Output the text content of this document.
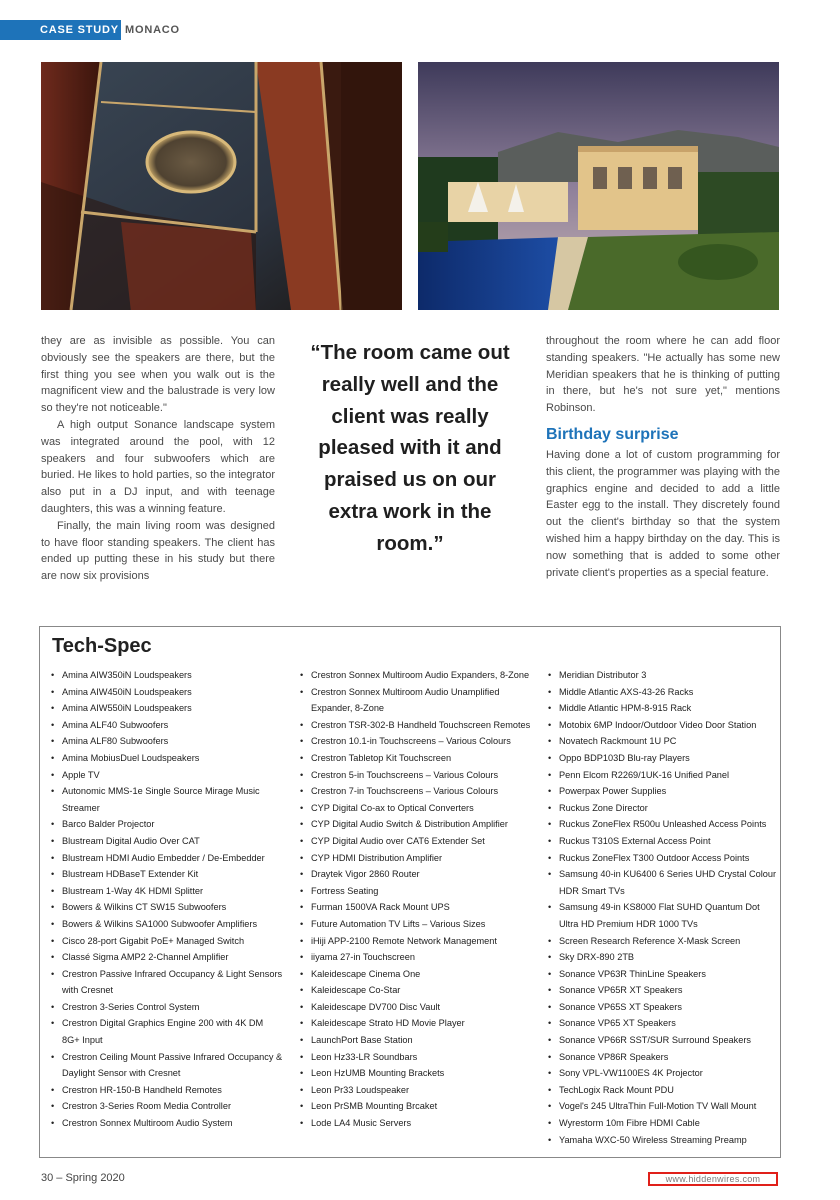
CASE STUDY MONACO

they are as invisible as possible. You can obviously see the speakers are there, but the first thing you see when you walk out is the magnificent view and the balustrade is very low so they're not noticeable."

A high output Sonance landscape system was integrated around the pool, with 12 speakers and four subwoofers which are buried. He likes to hold parties, so the integrator also put in a DJ input, and with teenage daughters, this was a winning feature.

Finally, the main living room was designed to have floor standing speakers. The client has ended up putting these in his study but there are now six provisions

“The room came out really well and the client was really pleased with it and praised us on our extra work in the room.”

throughout the room where he can add floor standing speakers. "He actually has some new Meridian speakers that he is thinking of putting in there, but he's not sure yet," mentions Robinson.

Birthday surprise

Having done a lot of custom programming for this client, the programmer was playing with the graphics engine and decided to add a little Easter egg to the install. They discretely found out the client's birthday so that the system wished him a happy birthday on the day. This is now something that is added to some other private client's properties as a special feature.

Tech-Spec
• Amina AIW350iN Loudspeakers
• Amina AIW450iN Loudspeakers
• Amina AIW550iN Loudspeakers
• Amina ALF40 Subwoofers
• Amina ALF80 Subwoofers
• Amina MobiusDuel Loudspeakers
• Apple TV
• Autonomic MMS-1e Single Source Mirage Music Streamer
• Barco Balder Projector
• Blustream Digital Audio Over CAT
• Blustream HDMI Audio Embedder / De-Embedder
• Blustream HDBaseT Extender Kit
• Blustream 1-Way 4K HDMI Splitter
• Bowers & Wilkins CT SW15 Subwoofers
• Bowers & Wilkins SA1000 Subwoofer Amplifiers
• Cisco 28-port Gigabit PoE+ Managed Switch
• Classé Sigma AMP2 2-Channel Amplifier
• Crestron Passive Infrared Occupancy & Light Sensors with Cresnet
• Crestron 3-Series Control System
• Crestron Digital Graphics Engine 200 with 4K DM 8G+ Input
• Crestron Ceiling Mount Passive Infrared Occupancy & Daylight Sensor with Cresnet
• Crestron HR-150-B Handheld Remotes
• Crestron 3-Series Room Media Controller
• Crestron Sonnex Multiroom Audio System
• Crestron Sonnex Multiroom Audio Expanders, 8-Zone
• Crestron Sonnex Multiroom Audio Unamplified Expander, 8-Zone
• Crestron TSR-302-B Handheld Touchscreen Remotes
• Crestron 10.1-in Touchscreens – Various Colours
• Crestron Tabletop Kit Touchscreen
• Crestron 5-in Touchscreens – Various Colours
• Crestron 7-in Touchscreens – Various Colours
• CYP Digital Co-ax to Optical Converters
• CYP Digital Audio Switch & Distribution Amplifier
• CYP Digital Audio over CAT6 Extender Set
• CYP HDMI Distribution Amplifier
• Draytek Vigor 2860 Router
• Fortress Seating
• Furman 1500VA Rack Mount UPS
• Future Automation TV Lifts – Various Sizes
• iHiji APP-2100 Remote Network Management
• iiyama 27-in Touchscreen
• Kaleidescape Cinema One
• Kaleidescape Co-Star
• Kaleidescape DV700 Disc Vault
• Kaleidescape Strato HD Movie Player
• LaunchPort Base Station
• Leon Hz33-LR Soundbars
• Leon HzUMB Mounting Brackets
• Leon Pr33 Loudspeaker
• Leon PrSMB Mounting Brcaket
• Lode LA4 Music Servers
• Meridian Distributor 3
• Middle Atlantic AXS-43-26 Racks
• Middle Atlantic HPM-8-915 Rack
• Motobix 6MP Indoor/Outdoor Video Door Station
• Novatech Rackmount 1U PC
• Oppo BDP103D Blu-ray Players
• Penn Elcom R2269/1UK-16 Unified Panel
• Powerpax Power Supplies
• Ruckus Zone Director
• Ruckus ZoneFlex R500u Unleashed Access Points
• Ruckus T310S External Access Point
• Ruckus ZoneFlex T300 Outdoor Access Points
• Samsung 40-in KU6400 6 Series UHD Crystal Colour HDR Smart TVs
• Samsung 49-in KS8000 Flat SUHD Quantum Dot Ultra HD Premium HDR 1000 TVs
• Screen Research Reference X-Mask Screen
• Sky DRX-890 2TB
• Sonance VP63R ThinLine Speakers
• Sonance VP65R XT Speakers
• Sonance VP65S XT Speakers
• Sonance VP65 XT Speakers
• Sonance VP66R SST/SUR Surround Speakers
• Sonance VP86R Speakers
• Sony VPL-VW1100ES 4K Projector
• TechLogix Rack Mount PDU
• Vogel's 245 UltraThin Full-Motion TV Wall Mount
• Wyrestorm 10m Fibre HDMI Cable
• Yamaha WXC-50 Wireless Streaming Preamp
30 – Spring 2020	www.hiddenwires.com
